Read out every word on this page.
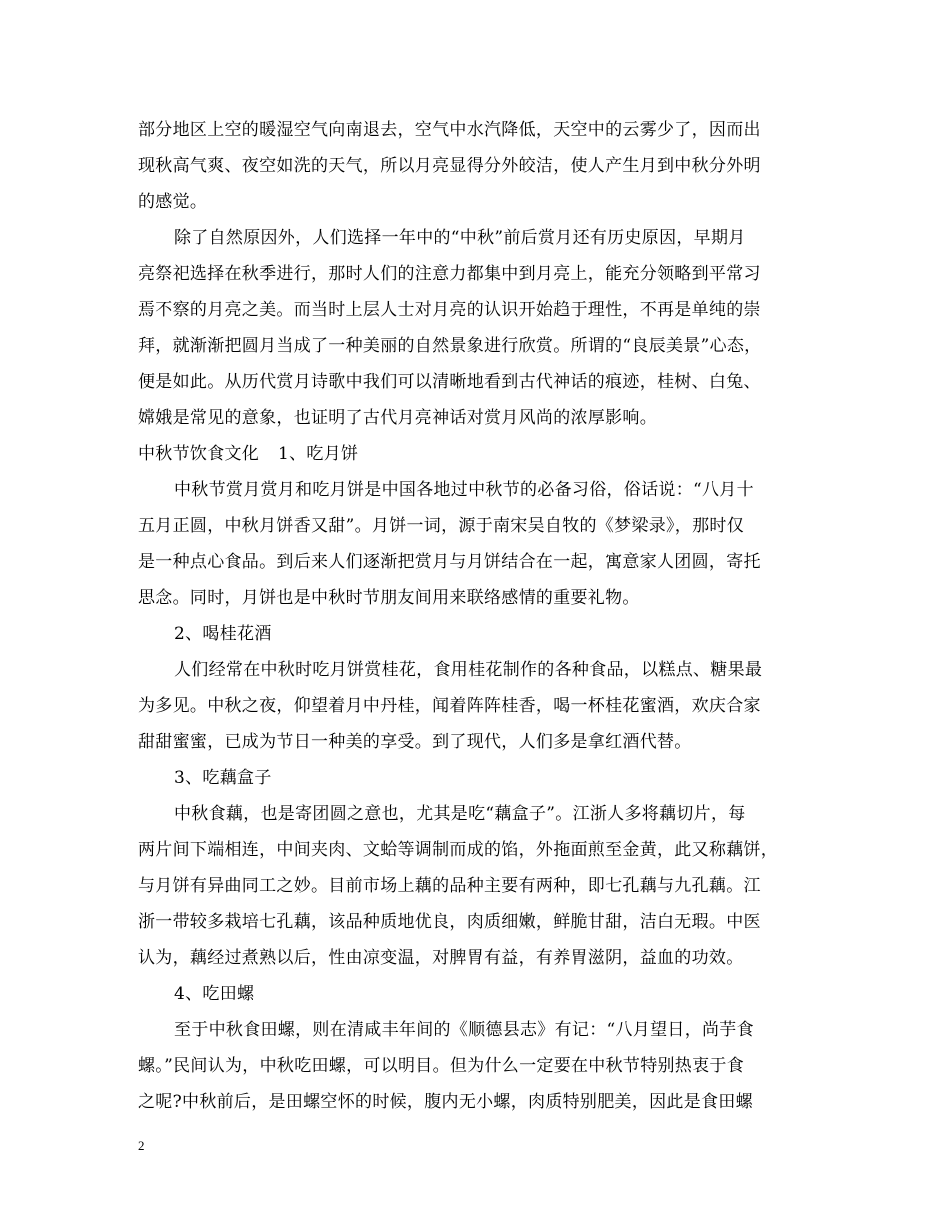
部分地区上空的暖湿空气向南退去，空气中水汽降低，天空中的云雾少了，因而出
现秋高气爽、夜空如洗的天气，所以月亮显得分外皎洁，使人产生月到中秋分外明
的感觉。
除了自然原因外，人们选择一年中的“中秋”前后赏月还有历史原因，早期月
亮祭祀选择在秋季进行，那时人们的注意力都集中到月亮上，能充分领略到平常习
焉不察的月亮之美。而当时上层人士对月亮的认识开始趋于理性，不再是单纯的崇
拜，就渐渐把圆月当成了一种美丽的自然景象进行欣赏。所谓的“良辰美景”心态，
便是如此。从历代赏月诗歌中我们可以清晰地看到古代神话的痕迹，桂树、白兔、
嫦娥是常见的意象，也证明了古代月亮神话对赏月风尚的浓厚影响。
中秋节饮食文化 1、吃月饼
中秋节赏月赏月和吃月饼是中国各地过中秋节的必备习俗，俗话说：“八月十
五月正圆，中秋月饼香又甜”。月饼一词，源于南宋吴自牧的《梦梁录》，那时仅
是一种点心食品。到后来人们逐渐把赏月与月饼结合在一起，寓意家人团圆，寄托
思念。同时，月饼也是中秋时节朋友间用来联络感情的重要礼物。
2、喝桂花酒
人们经常在中秋时吃月饼赏桂花，食用桂花制作的各种食品，以糕点、糖果最
为多见。中秋之夜，仰望着月中丹桂，闻着阵阵桂香，喝一杯桂花蜜酒，欢庆合家
甜甜蜜蜜，已成为节日一种美的享受。到了现代，人们多是拿红酒代替。
3、吃藕盒子
中秋食藕，也是寄团圆之意也，尤其是吃“藕盒子”。江浙人多将藕切片，每
两片间下端相连，中间夹肉、文蛤等调制而成的馅，外拖面煎至金黄，此又称藕饼，
与月饼有异曲同工之妙。目前市场上藕的品种主要有两种，即七孔藕与九孔藕。江
浙一带较多栽培七孔藕，该品种质地优良，肉质细嫩，鲜脆甘甜，洁白无瑕。中医
认为，藕经过煮熟以后，性由凉变温，对脾胃有益，有养胃滋阴，益血的功效。
4、吃田螺
至于中秋食田螺，则在清咸丰年间的《顺德县志》有记：“八月望日，尚芋食
螺。”民间认为，中秋吃田螺，可以明目。但为什么一定要在中秋节特别热衷于食
之呢?中秋前后，是田螺空怀的时候，腹内无小螺，肉质特别肥美，因此是食田螺
2
